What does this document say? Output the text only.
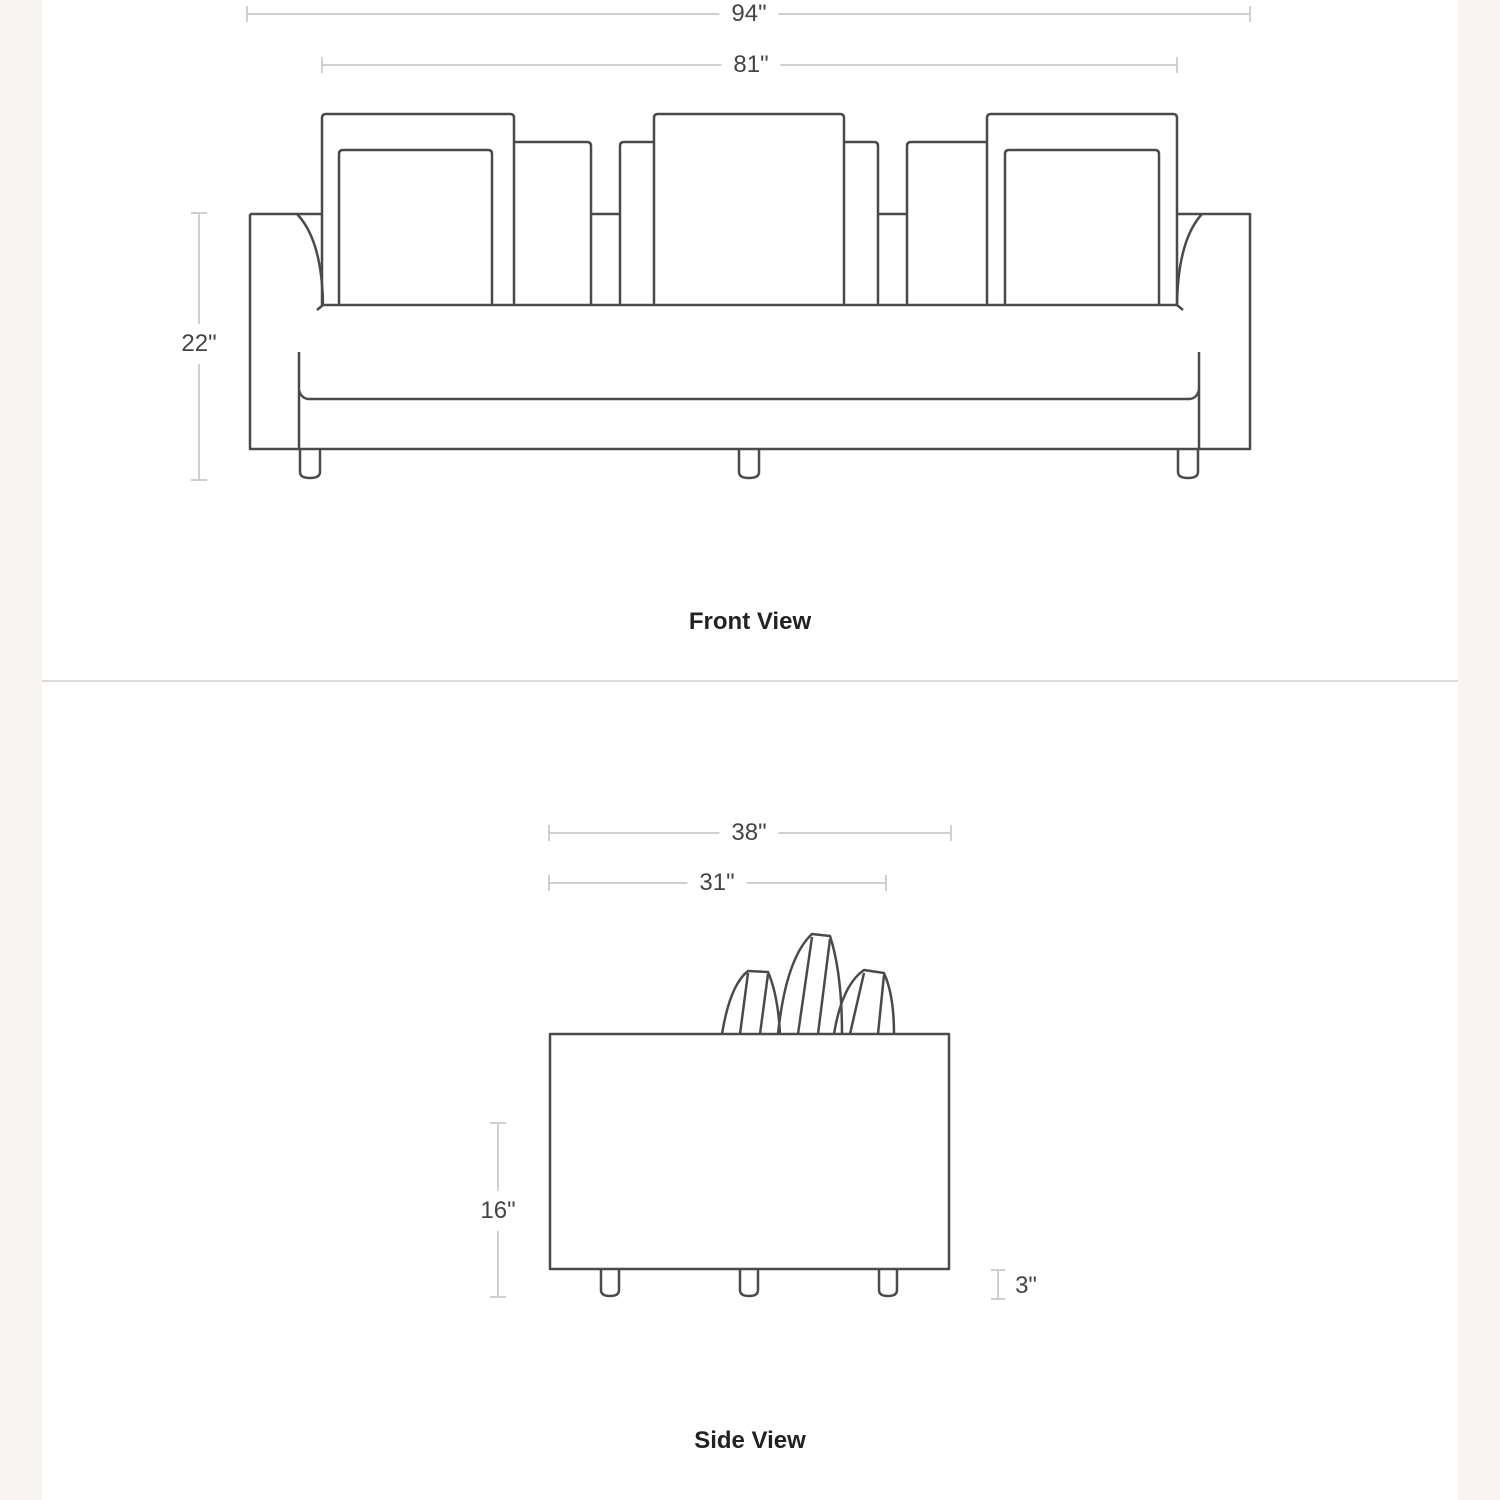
94"
81"
22"
Front View
38"
31"
16"
3"
Side View
